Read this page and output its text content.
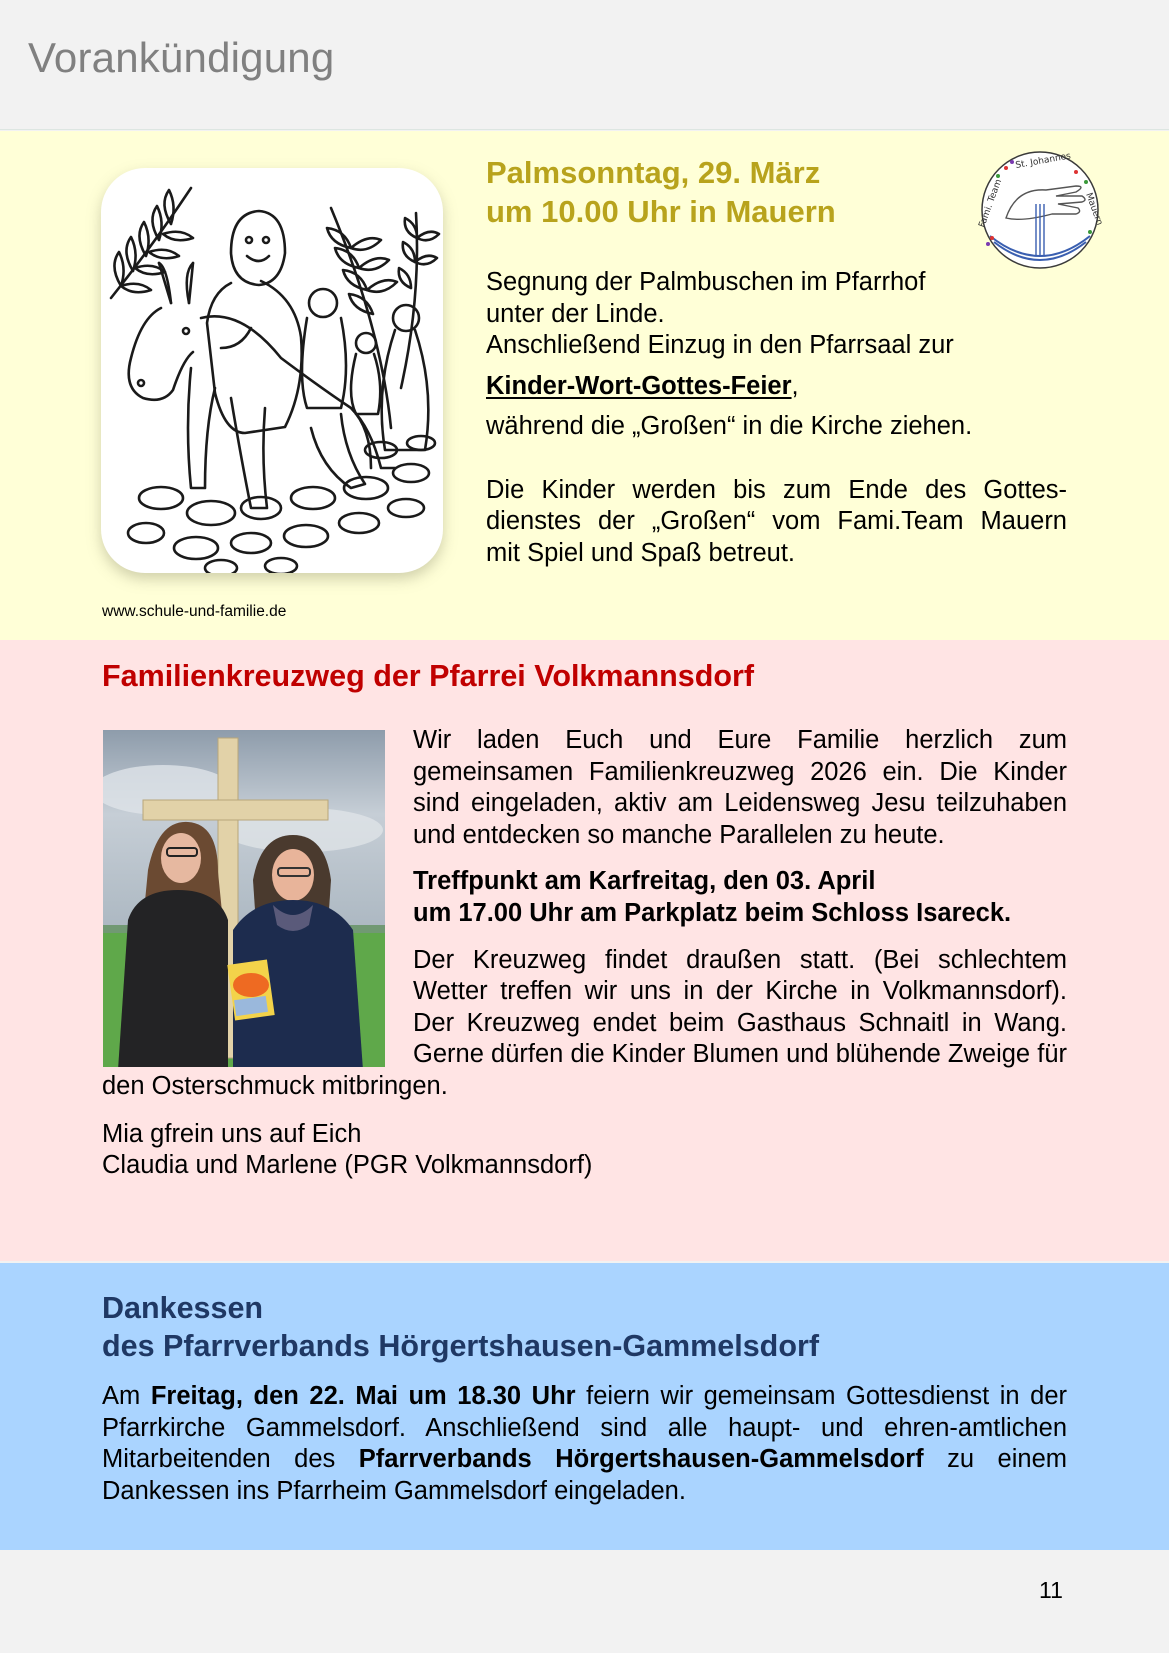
Vorankündigung
www.schule-und-familie.de
Palmsonntag, 29. März
um 10.00 Uhr in Mauern
St. Johannes
Fami. Team	Mauern

Segnung der Palmbuschen im Pfarrhof

unter der Linde.

Anschließend Einzug in den Pfarrsaal zur

Kinder-Wort-Gottes-Feier,

während die „Großen“ in die Kirche ziehen.

Die Kinder werden bis zum Ende des Gottes-

dienstes der „Großen“ vom Fami.Team Mauern

mit Spiel und Spaß betreut.

Familienkreuzweg der Pfarrei Volkmannsdorf

Wir laden Euch und Eure Familie herzlich zum gemeinsamen Familienkreuzweg 2026 ein. Die Kinder sind eingeladen, aktiv am Leidensweg Jesu teilzuhaben und entdecken so manche Parallelen zu heute.

Treffpunkt am Karfreitag, den 03. April
um 17.00 Uhr am Parkplatz beim Schloss Isareck.

Der Kreuzweg findet draußen statt. (Bei schlechtem Wetter treffen wir uns in der Kirche in Volkmannsdorf). Der Kreuzweg endet beim Gasthaus Schnaitl in Wang. Gerne dürfen die Kinder Blumen und blühende Zweige für den Osterschmuck mitbringen.

Mia gfrein uns auf Eich
Claudia und Marlene (PGR Volkmannsdorf)

Dankessen
des Pfarrverbands Hörgertshausen-Gammelsdorf

Am Freitag, den 22. Mai um 18.30 Uhr feiern wir gemeinsam Gottesdienst in der Pfarrkirche Gammelsdorf. Anschließend sind alle haupt- und ehren-amtlichen Mitarbeitenden des Pfarrverbands Hörgertshausen-Gammelsdorf zu einem Dankessen ins Pfarrheim Gammelsdorf eingeladen.

11
